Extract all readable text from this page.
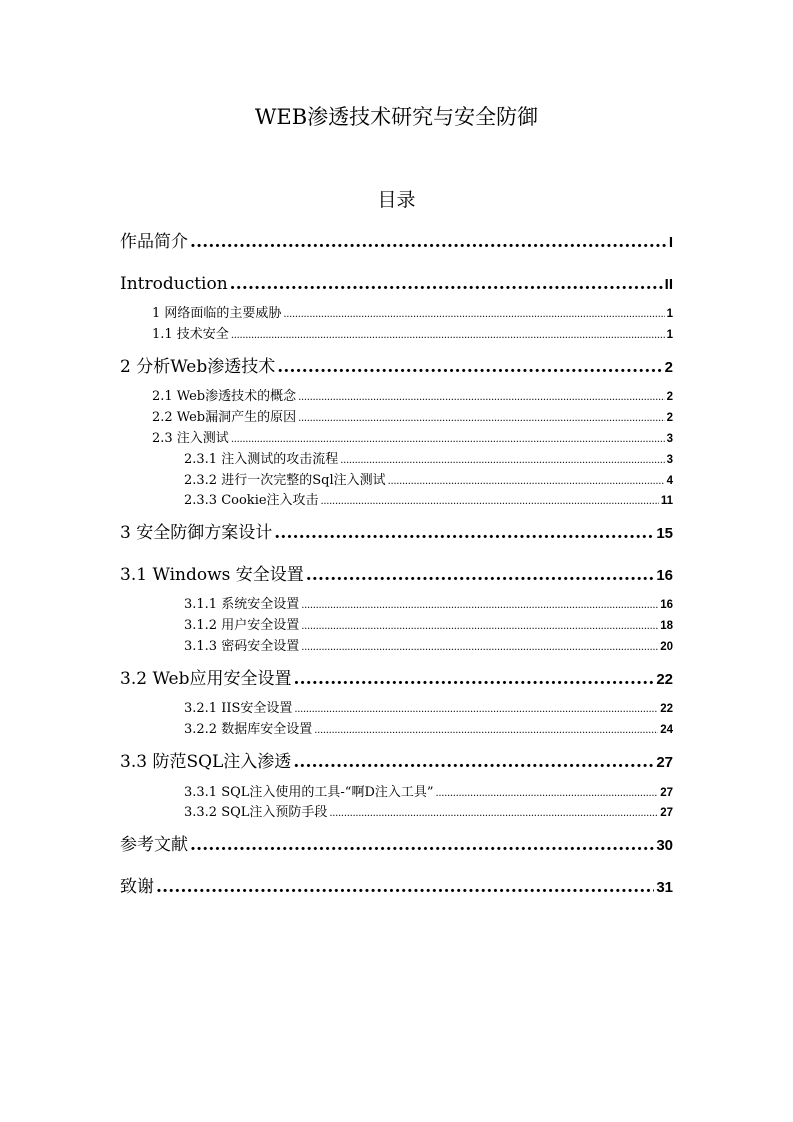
WEB渗透技术研究与安全防御
目录
作品简介 .....	I
Introduction .....	II
1 网络面临的主要威胁 .....	1
1.1 技术安全 .....	1
2 分析Web渗透技术 .....	2
2.1 Web渗透技术的概念 .....	2
2.2 Web漏洞产生的原因 .....	2
2.3 注入测试 .....	3
2.3.1 注入测试的攻击流程 .....	3
2.3.2 进行一次完整的Sql注入测试 .....	4
2.3.3 Cookie注入攻击 .....	11
3 安全防御方案设计 .....	15
3.1 Windows 安全设置 .....	16
3.1.1 系统安全设置 .....	16
3.1.2 用户安全设置 .....	18
3.1.3 密码安全设置 .....	20
3.2 Web应用安全设置 .....	22
3.2.1 IIS安全设置 .....	22
3.2.2 数据库安全设置 .....	24
3.3 防范SQL注入渗透 .....	27
3.3.1 SQL注入使用的工具-“啊D注入工具” .....	27
3.3.2 SQL注入预防手段 .....	27
参考文献 .....	30
致谢 .....	31
